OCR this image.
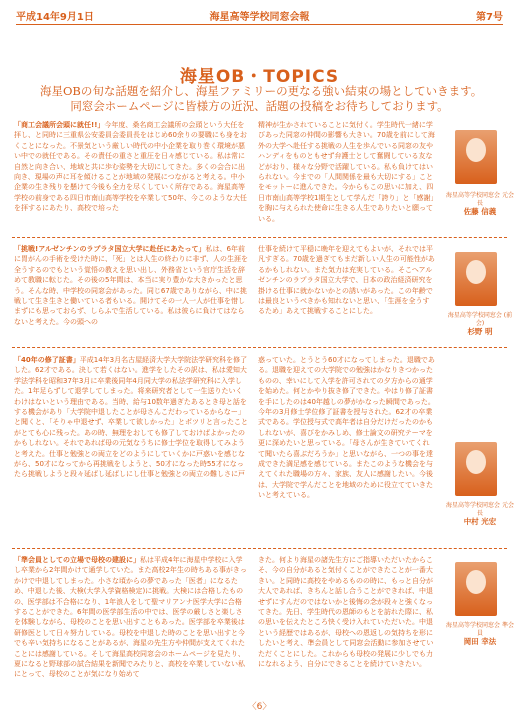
平成14年9月1日	海星高等学校同窓会報	第7号
海星OB・TOPICS
海星OBの旬な話題を紹介し、海星ファミリーの更なる強い結束の場としていきます。
同窓会ホームページに皆様方の近況、話題の投稿をお待ちしております。
「商工会議所会頭に就任!!」今年度、桑名商工会議所の会頭という大任を拝し、と同時に三重県公安委員会委員長をはじめ60余りの要職にも身をおくことになった。不景気という厳しい時代の中小企業を取り巻く環境が悪い中での就任である。その責任の重さと重圧を日々感じている。私は常に自然と向き合い、地域と共に歩む姿勢を大切にしてきた。多くの会合に出向き、現場の声に耳を傾けることが地域の発展につながると考える。中小企業の生き残りを懸けて今後も全力を尽くしていく所存である。海星高等学校の前身である四日市南山高等学校を卒業して50年、今このような大任を拝するにあたり、高校で培った
精神が生かされていることに気付く。学生時代一緒に学びあった同窓の仲間の影響も大きい。70歳を前にして海外の大学へ赴任する挑戦の人生を歩んでいる同窓の友やハンディをものともせず弁護士として奮闘している友などがおり、様々な分野で活躍している。私も負けてはいられない。今までの「人間関係を最も大切にする」ことをモットーに進んできた。今からもこの思いに加え、四日市南山高等学校1期生として学んだ「誇り」と「感謝」を胸に与えられた使命に生きる人生でありたいと願っている。
海星高等学校同窓会 元会長
佐藤 信義
「挑戦!アルゼンチンのラプラタ国立大学に赴任にあたって」私は、6年前に胃がんの手術を受けた時に、「死」とは人生の終わりに非ず、人の生涯を全うするのでもという覚悟の教えを思い出し、外務省という官庁生活を辞めて教職に転じた。その後の5年間は、本当に実り豊かな大きかったと思う。そんな時、中学校の同窓会があった。同じ67歳でありながら、中に挑戦して生き生きと働いている者もいる。開けてその一人一人が仕事を惜しまずにも思っておらず、しらふで生活している。私は彼らに負けてはならないと考えた。今の頭への
仕事を続けて平穏に晩年を迎えてもよいが、それでは平凡すぎる。70歳を過ぎてもまだ新しい人生の可能性があるかもしれない。また気力は充実している。そこへアルゼンチンのラプラタ国立大学で、日本の政治経済研究を掛ける仕事に就かないかとの誘いがあった。この年齢では最良というべきかも知れないと思い、「生涯を全うするため」あえて挑戦することにした。
海星高等学校同窓会 (前会)
杉野 明
「40年の修了証書」平成14年3月名古屋経済大学大学院法学研究科を修了した。62才である。決して若くはない。進学をしたその訳は、私は愛知大学法学科を昭和37年3月に卒業後同年4月同大学の私法学研究科に入学した。1年足らずして退学してしまった。将来研究者として一生送りたいくわけはないという理由である。当時、給与10数年過ぎたあるとき母と話をする機会があり「大学院中退したことが母さんこだわっているからなー」と聞くと、「そりゃ中退せず、卒業して欲しかった」とポツリと言ったことがとても心に残った。あの時、無理をおしても修了しておけばよかったのかもしれない。それであれば母の元気なうちに修士学位を取得してみようと考えた。仕事と勉強との両立をどのようにしていくかに戸惑いを感じながら、50才になってから再挑戦をしようと、50才になった時55才になったら挑戦しようと段々延ばし延ばしにし仕事と勉強との両立の難しさに戸
惑っていた。とうとう60才になってしまった。退職である。退職を迎えての大学院での勉強はかなりきつかったものの、幸いにして入学を許可されての夕方からの通学を始めた。何とかやり抜き修了できた。やはり修了証書を手にしたのは40年越しの夢がかなった瞬間であった。今年の3月修士学位修了証書を授与された。62才の卒業式である。学位授与式で高年者は自分だけだったのかもしれないが、喜びをかみしめ、修士論文の研究テーマを更に深めたいと思っている。「母さんが生きていてくれて聞いたら喜ぶだろうか」と思いながら、一つの事を達成できた満足感を感じている。またこのような機会を与えてくれた職場の方々、家族、友人に感謝したい。今後は、大学院で学んだことを地域のために役立てていきたいと考えている。
海星高等学校同窓会 元会長
中村 光宏
「準会員としての立場で母校の建設に」私は平成4年に海星中学校に入学し卒業から2年間かけて通学していた。また高校2年生の時ちある事がきっかけで中退してしまった。小さな頃からの夢であった「医者」になるため、中退した後、大検(大学入学資格検定)に挑戦。大検には合格したものの、医学部は不合格になり、1年浪人をして聖マリアンナ医学大学に合格することができた。6年間の医学部生活の中では、医学の厳しさと楽しさを体験しながら、母校のことを思い出すこともあった。医学部を卒業後は研修医として日々努力している。母校を中退した時のことを思い出すと今でも辛い気持ちになることがあるが、海星の先生方や仲間が支えてくれたことには感謝している。そして海星高校同窓会のホームページを見たり、夏になると野球部の試合結果を新聞でみたりと、高校を卒業していない私にとって、母校のことが気になり始めて
きた。何より海星の諸先生方にご指導いただいたからこそ、今の自分があると気付くことができたことが一番大きい。と同時に高校をやめるものの時に、もっと自分が大人であれば、きちんと話し合うことができれば、中退せずにすんだのではないかと後悔の念が段々と強くなってきた。先日、学生時代の恩師のもとを訪れた際に、私の思いを伝えたところ快く受け入れていただいた。中退という経歴ではあるが、母校への恩返しの気持ちを形にしたいと考え、準会員として同窓会活動に参加させていただくことにした。これからも母校の発展に少しでも力になれるよう、自分にできることを続けていきたい。
海星高等学校同窓会 準会員
岡田 幸法
〈6〉
